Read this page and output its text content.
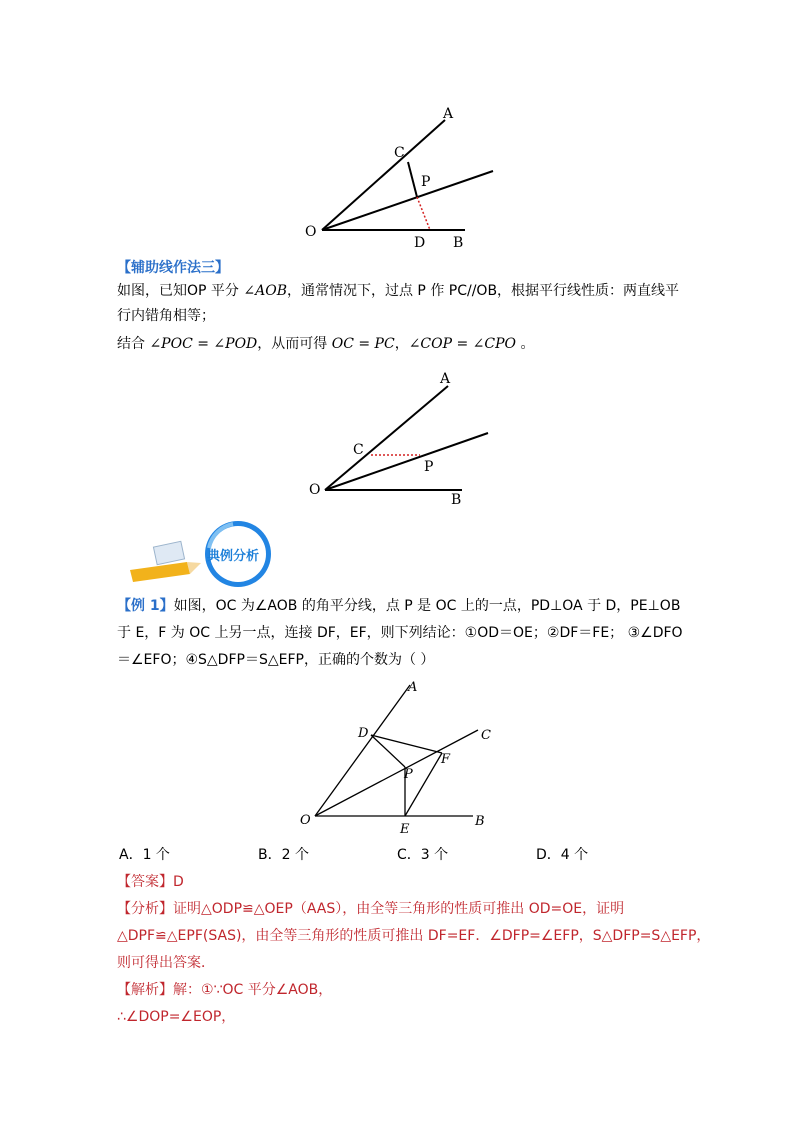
A
C
P
O
D B
【辅助线作法三】
如图，已知OP 平分 ∠AOB，通常情况下，过点 P 作 PC//OB，根据平行线性质：两直线平
行内错角相等；
结合 ∠POC = ∠POD，从而可得 OC = PC，∠COP = ∠CPO 。
A
C
P
O
B
典例分析
【例 1】如图，OC 为∠AOB 的角平分线，点 P 是 OC 上的一点，PD⊥OA 于 D，PE⊥OB
于 E，F 为 OC 上另一点，连接 DF，EF，则下列结论：①OD＝OE；②DF＝FE； ③∠DFO
＝∠EFO；④S△DFP＝S△EFP，正确的个数为（ ）
A
C
D
F
P
O
E
B
A．1 个	B．2 个	C．3 个	D．4 个
【答案】D
【分析】证明△ODP≌△OEP（AAS），由全等三角形的性质可推出 OD=OE，证明
△DPF≌△EPF(SAS)，由全等三角形的性质可推出 DF=EF．∠DFP=∠EFP，S△DFP=S△EFP，
则可得出答案．
【解析】解：①∵OC 平分∠AOB，
∴∠DOP=∠EOP，
